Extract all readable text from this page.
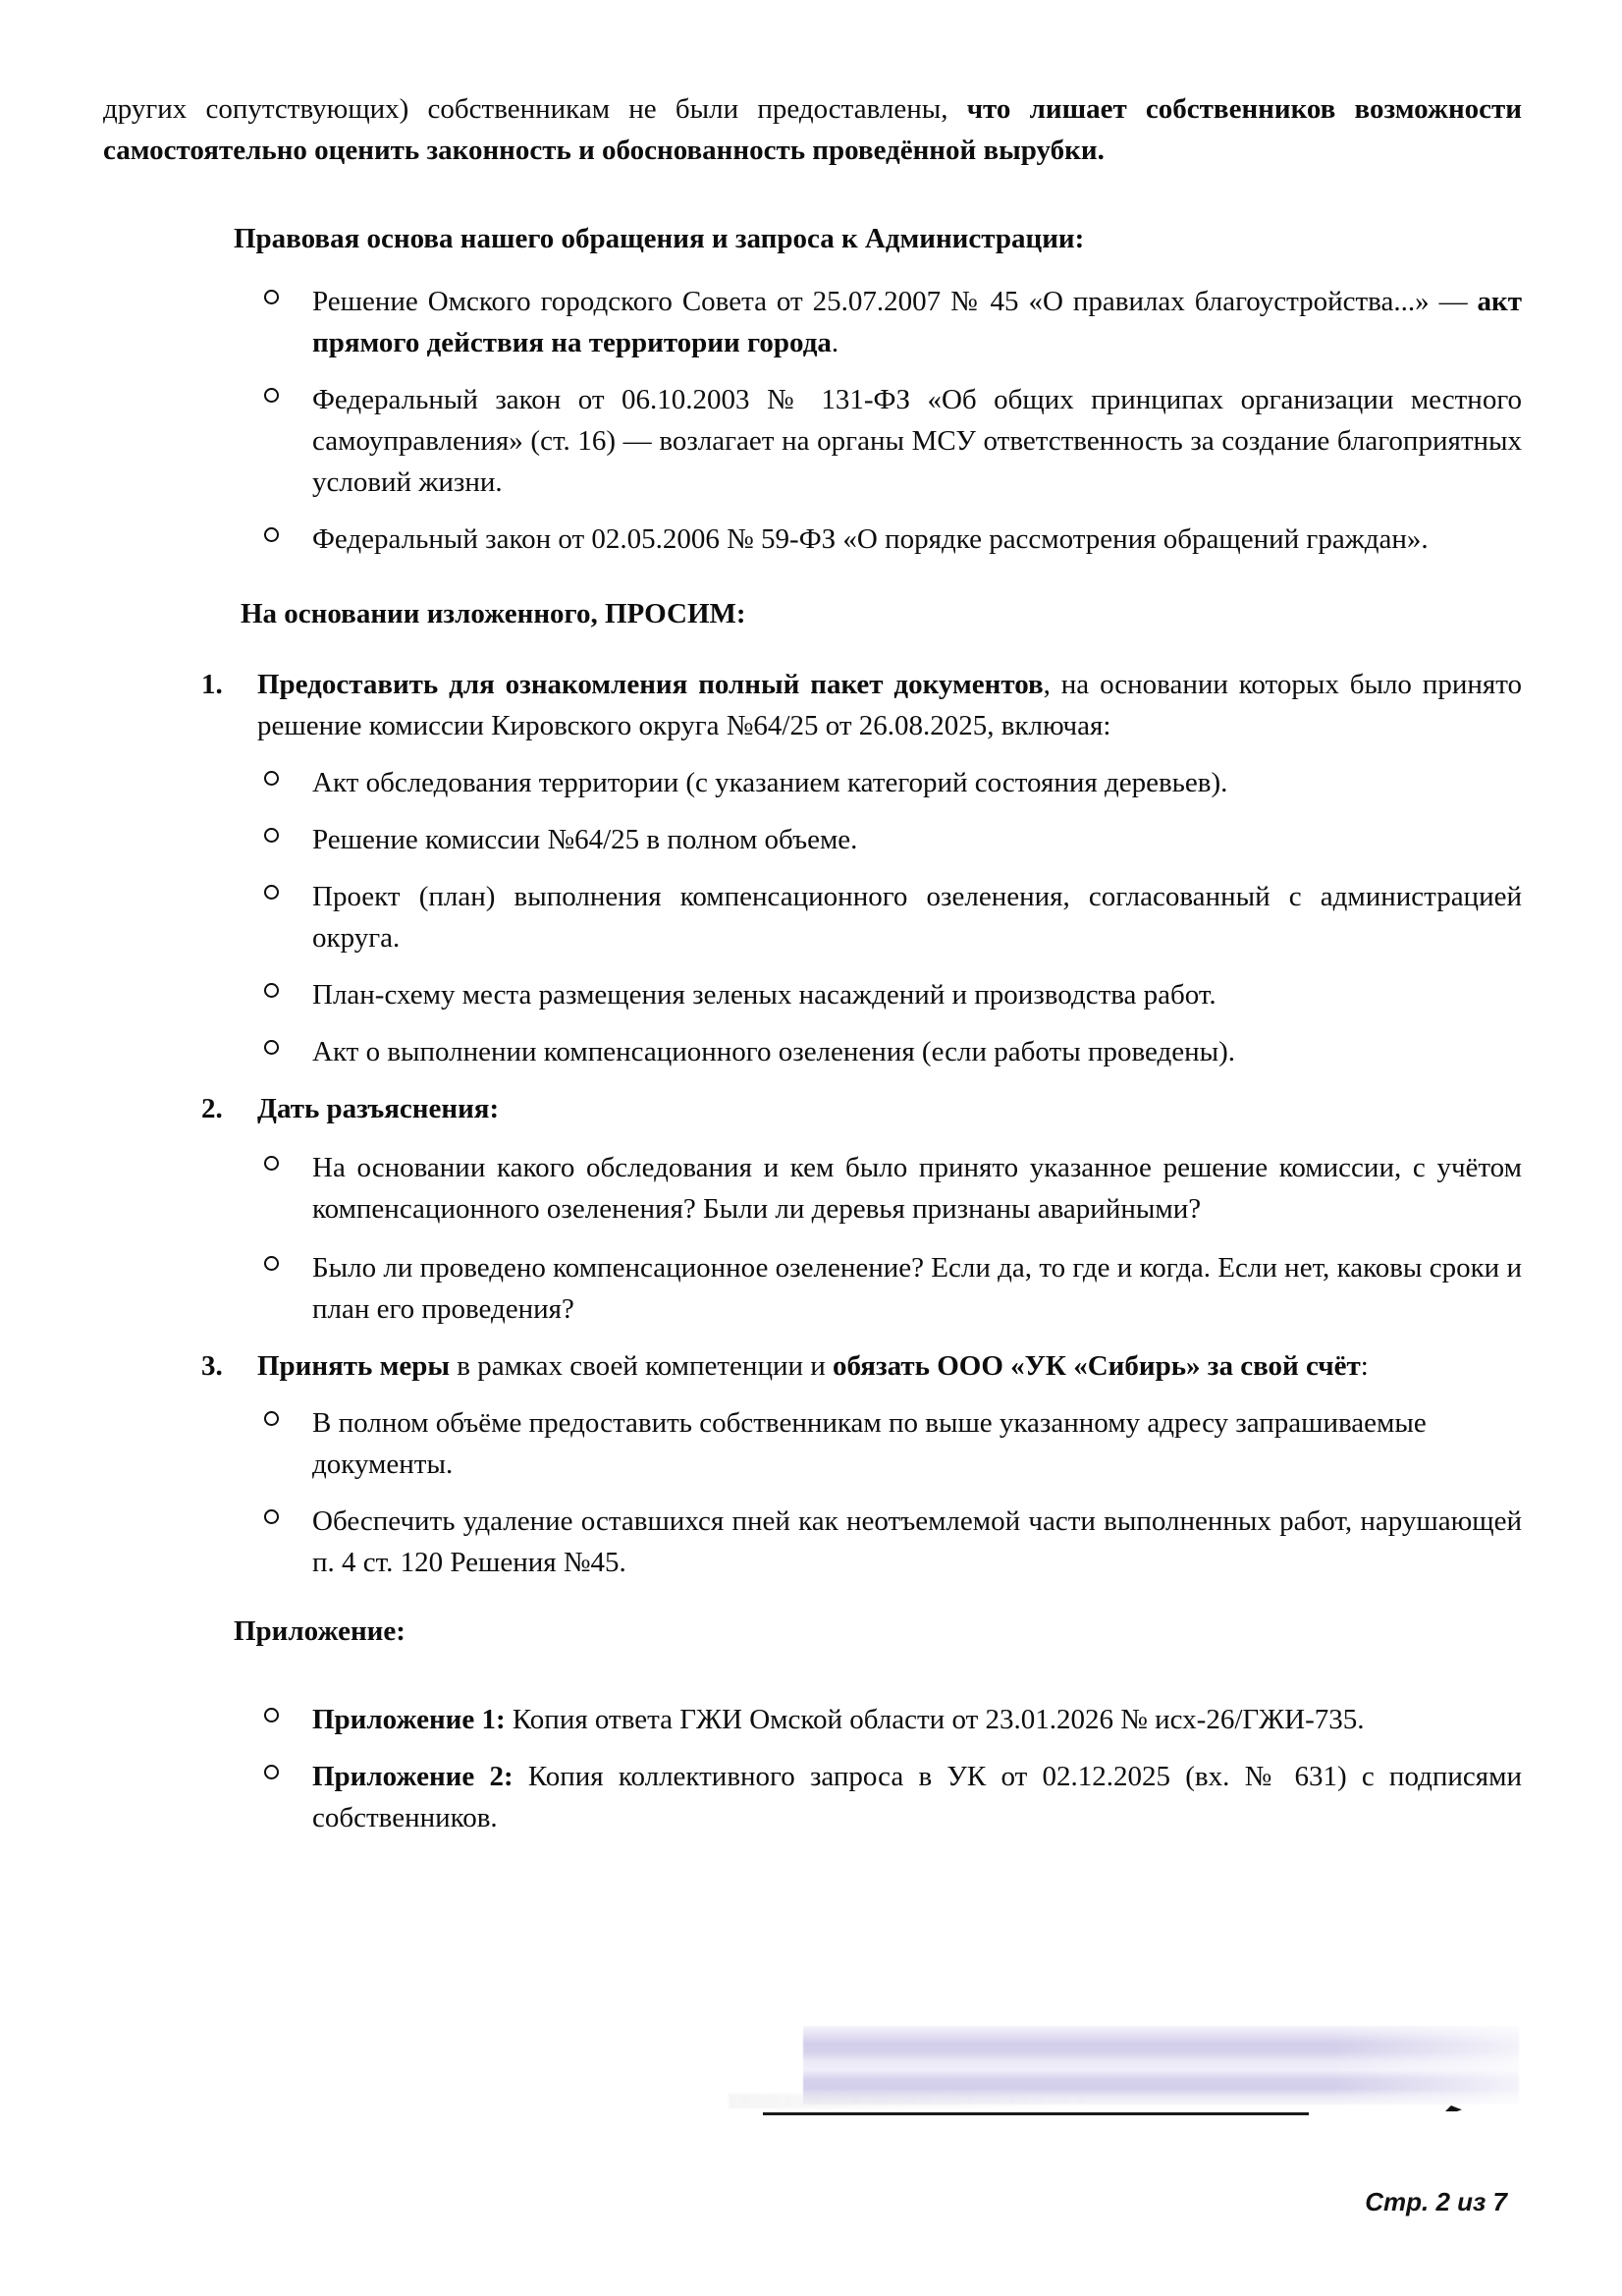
других сопутствующих) собственникам не были предоставлены, что лишает собственников возможности самостоятельно оценить законность и обоснованность проведённой вырубки.

Правовая основа нашего обращения и запроса к Администрации:
Решение Омского городского Совета от 25.07.2007 № 45 «О правилах благоустройства...» — акт прямого действия на территории города.
Федеральный закон от 06.10.2003 № 131-ФЗ «Об общих принципах организации местного самоуправления» (ст. 16) — возлагает на органы МСУ ответственность за создание благоприятных условий жизни.
Федеральный закон от 02.05.2006 № 59-ФЗ «О порядке рассмотрения обращений граждан».
На основании изложенного, ПРОСИМ:
1. Предоставить для ознакомления полный пакет документов, на основании которых было принято решение комиссии Кировского округа №64/25 от 26.08.2025, включая:
Акт обследования территории (с указанием категорий состояния деревьев).
Решение комиссии №64/25 в полном объеме.
Проект (план) выполнения компенсационного озеленения, согласованный с администрацией округа.
План-схему места размещения зеленых насаждений и производства работ.
Акт о выполнении компенсационного озеленения (если работы проведены).
2. Дать разъяснения:
На основании какого обследования и кем было принято указанное решение комиссии, с учётом компенсационного озеленения? Были ли деревья признаны аварийными?
Было ли проведено компенсационное озеленение? Если да, то где и когда. Если нет, каковы сроки и план его проведения?
3. Принять меры в рамках своей компетенции и обязать ООО «УК «Сибирь» за свой счёт:
В полном объёме предоставить собственникам по выше указанному адресу запрашиваемые документы.
Обеспечить удаление оставшихся пней как неотъемлемой части выполненных работ, нарушающей п. 4 ст. 120 Решения №45.
Приложение:
Приложение 1: Копия ответа ГЖИ Омской области от 23.01.2026 № исх-26/ГЖИ-735.
Приложение 2: Копия коллективного запроса в УК от 02.12.2025 (вх. № 631) с подписями собственников.
Стр. 2 из 7
